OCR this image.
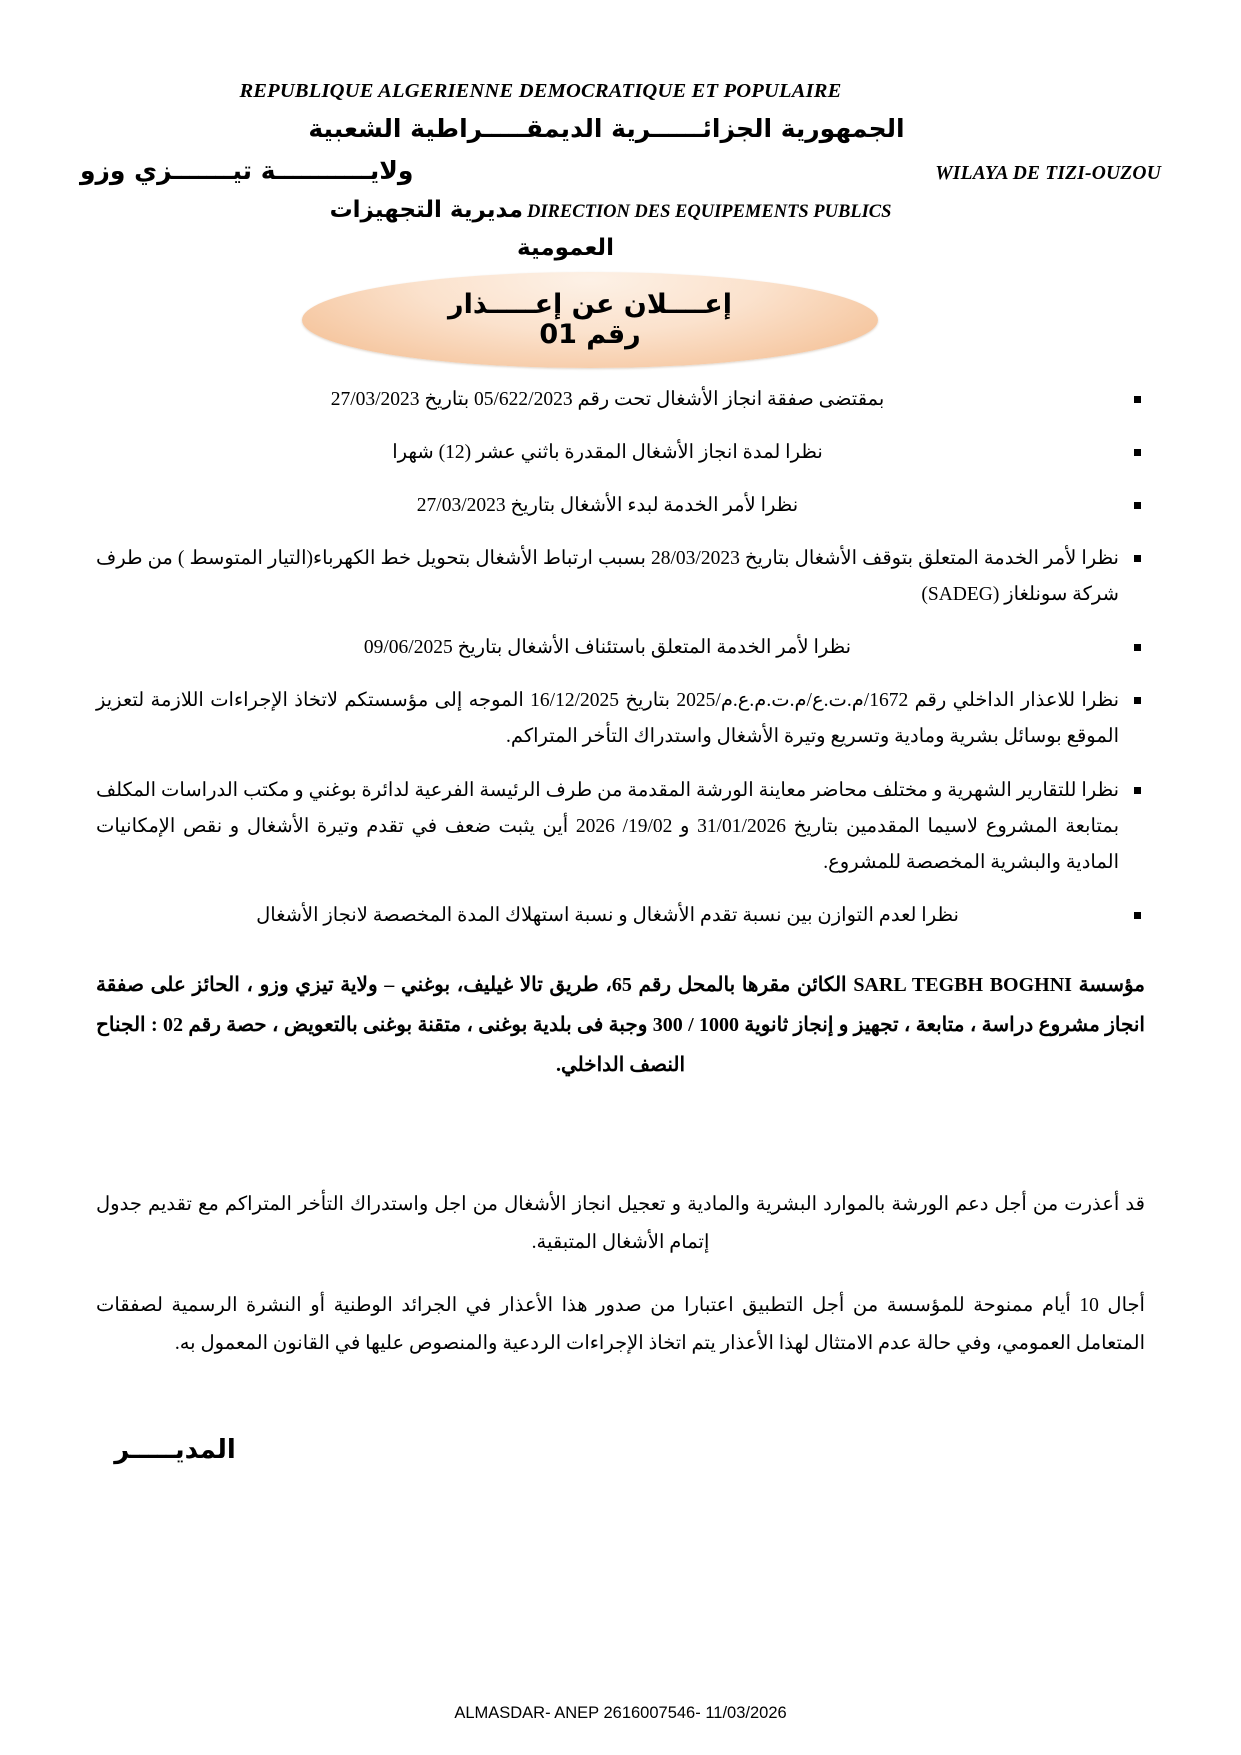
REPUBLIQUE ALGERIENNE DEMOCRATIQUE ET POPULAIRE
الجمهورية الجزائــــــرية الديمقـــــراطية الشعبية
WILAYA DE TIZI-OUZOU
ولايـــــــــــة تيـــــــزي وزو
DIRECTION DES EQUIPEMENTS PUBLICS مديرية التجهيزات
العمومية
إعــــلان عن إعـــــذار
رقم 01
بمقتضى صفقة انجاز الأشغال تحت رقم 05/622/2023 بتاريخ 27/03/2023
نظرا لمدة انجاز الأشغال المقدرة باثني عشر (12) شهرا
نظرا لأمر الخدمة لبدء الأشغال بتاريخ 27/03/2023
نظرا لأمر الخدمة المتعلق بتوقف الأشغال بتاريخ 28/03/2023 بسبب ارتباط الأشغال بتحويل خط الكهرباء(التيار المتوسط ) من طرف شركة سونلغاز (SADEG)
نظرا لأمر الخدمة المتعلق باستئناف الأشغال بتاريخ 09/06/2025
نظرا للاعذار الداخلي رقم 1672/م.ت.ع/م.ت.م.ع.م/2025 بتاريخ 16/12/2025 الموجه إلى مؤسستكم لاتخاذ الإجراءات اللازمة لتعزيز الموقع بوسائل بشرية ومادية وتسريع وتيرة الأشغال واستدراك التأخر المتراكم.
نظرا للتقارير الشهرية و مختلف محاضر معاينة الورشة المقدمة من طرف الرئيسة الفرعية لدائرة بوغني و مكتب الدراسات المكلف بمتابعة المشروع لاسيما المقدمين بتاريخ 31/01/2026 و 19/02/ 2026 أين يثبت ضعف في تقدم وتيرة الأشغال و نقص الإمكانيات المادية والبشرية المخصصة للمشروع.
نظرا لعدم التوازن بين نسبة تقدم الأشغال و نسبة استهلاك المدة المخصصة لانجاز الأشغال
مؤسسة SARL TEGBH BOGHNI الكائن مقرها بالمحل رقم 65، طريق تالا غيليف، بوغني – ولاية تيزي وزو ، الحائز على صفقة انجاز مشروع دراسة ، متابعة ، تجهيز و إنجاز ثانوية 1000 / 300 وجبة فى بلدية بوغنى ، متقنة بوغنى بالتعويض ، حصة رقم 02 : الجناح النصف الداخلي.
قد أعذرت من أجل دعم الورشة بالموارد البشرية والمادية و تعجيل انجاز الأشغال من اجل واستدراك التأخر المتراكم مع تقديم جدول إتمام الأشغال المتبقية.
أجال 10 أيام ممنوحة للمؤسسة من أجل التطبيق اعتبارا من صدور هذا الأعذار في الجرائد الوطنية أو النشرة الرسمية لصفقات المتعامل العمومي، وفي حالة عدم الامتثال لهذا الأعذار يتم اتخاذ الإجراءات الردعية والمنصوص عليها في القانون المعمول به.
المديـــــر
ALMASDAR- ANEP 2616007546- 11/03/2026
